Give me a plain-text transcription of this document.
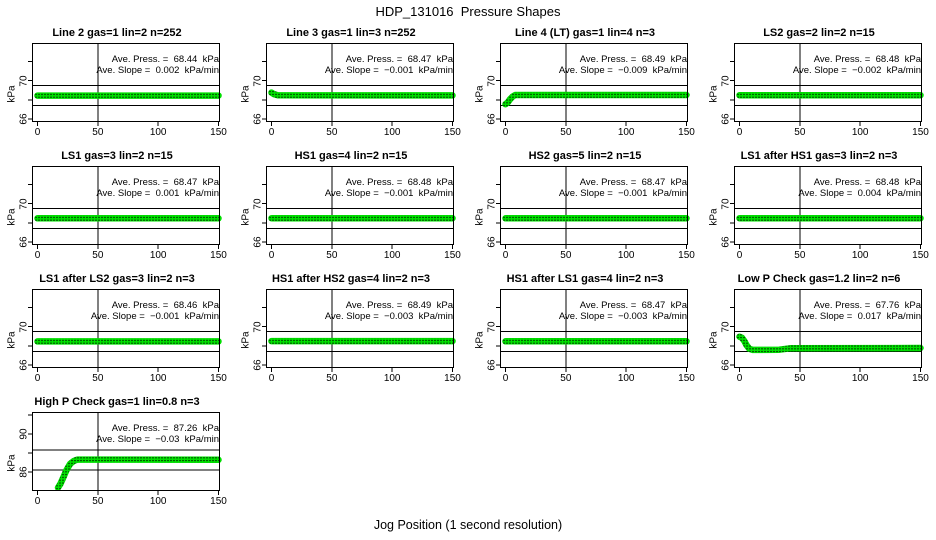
HDP_131016  Pressure Shapes
Line 2 gas=1 lin=2 n=252
Ave. Press. =  68.44  kPa
Ave. Slope =  0.002  kPa/min
0	50	100	150
70
66
kPa
Line 3 gas=1 lin=3 n=252
Ave. Press. =  68.47  kPa
Ave. Slope =  −0.001  kPa/min
0	50	100	150
70
66
kPa
Line 4 (LT) gas=1 lin=4 n=3
Ave. Press. =  68.49  kPa
Ave. Slope =  −0.009  kPa/min
0	50	100	150
70
66
kPa
LS2 gas=2 lin=2 n=15
Ave. Press. =  68.48  kPa
Ave. Slope =  −0.002  kPa/min
0	50	100	150
70
66
kPa
LS1 gas=3 lin=2 n=15
Ave. Press. =  68.47  kPa
Ave. Slope =  0.001  kPa/min
0	50	100	150
70
66
kPa
HS1 gas=4 lin=2 n=15
Ave. Press. =  68.48  kPa
Ave. Slope =  −0.001  kPa/min
0	50	100	150
70
66
kPa
HS2 gas=5 lin=2 n=15
Ave. Press. =  68.47  kPa
Ave. Slope =  −0.001  kPa/min
0	50	100	150
70
66
kPa
LS1 after HS1 gas=3 lin=2 n=3
Ave. Press. =  68.48  kPa
Ave. Slope =  0.004  kPa/min
0	50	100	150
70
66
kPa
LS1 after LS2 gas=3 lin=2 n=3
Ave. Press. =  68.46  kPa
Ave. Slope =  −0.001  kPa/min
0	50	100	150
70
66
kPa
HS1 after HS2 gas=4 lin=2 n=3
Ave. Press. =  68.49  kPa
Ave. Slope =  −0.003  kPa/min
0	50	100	150
70
66
kPa
HS1 after LS1 gas=4 lin=2 n=3
Ave. Press. =  68.47  kPa
Ave. Slope =  −0.003  kPa/min
0	50	100	150
70
66
kPa
Low P Check gas=1.2 lin=2 n=6
Ave. Press. =  67.76  kPa
Ave. Slope =  0.017  kPa/min
0	50	100	150
70
66
kPa
High P Check gas=1 lin=0.8 n=3
Ave. Press. =  87.26  kPa
Ave. Slope =  −0.03  kPa/min
0	50	100	150
90
86
kPa
Jog Position (1 second resolution)
